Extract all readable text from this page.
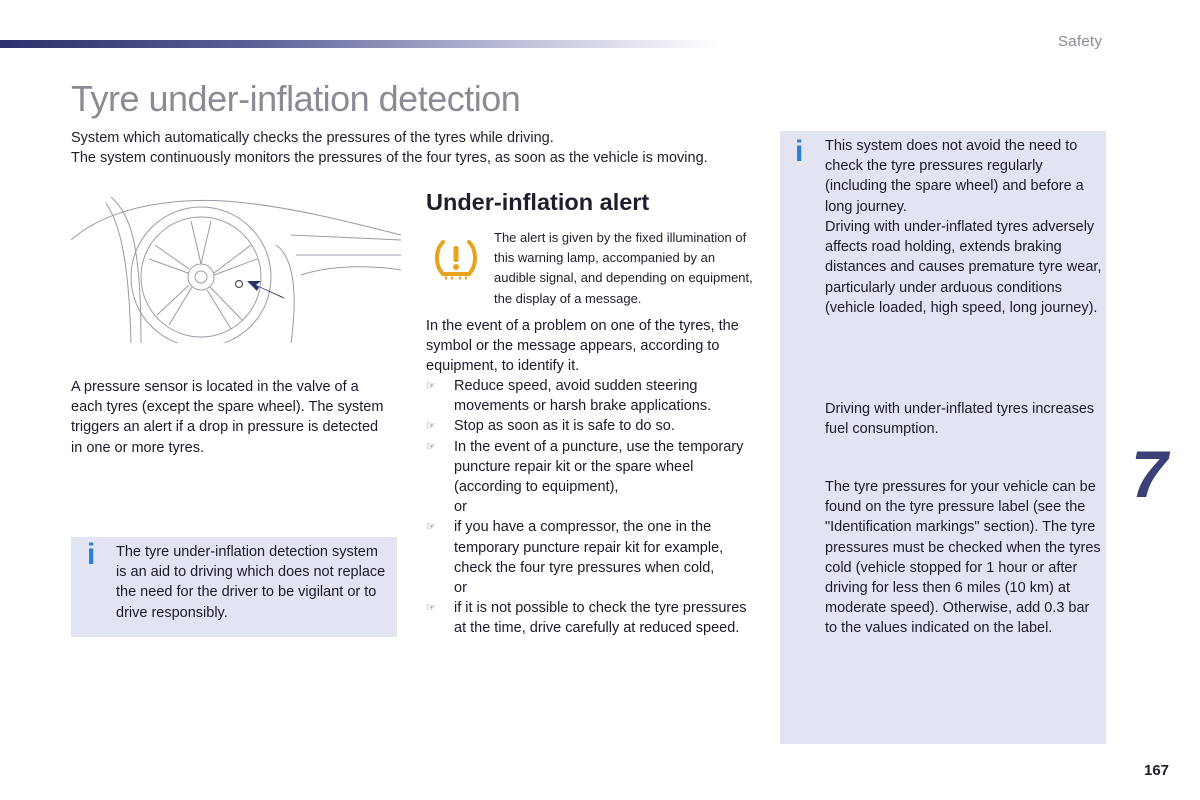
Safety
Tyre under-inflation detection
System which automatically checks the pressures of the tyres while driving.
The system continuously monitors the pressures of the four tyres, as soon as the vehicle is moving.
A pressure sensor is located in the valve of a each tyres (except the spare wheel). The system triggers an alert if a drop in pressure is detected in one or more tyres.
i The tyre under-inflation detection system is an aid to driving which does not replace the need for the driver to be vigilant or to drive responsibly.
Under-inflation alert
The alert is given by the fixed illumination of this warning lamp, accompanied by an audible signal, and depending on equipment, the display of a message.
In the event of a problem on one of the tyres, the symbol or the message appears, according to equipment, to identify it.
☞ Reduce speed, avoid sudden steering movements or harsh brake applications.
☞ Stop as soon as it is safe to do so.
☞ In the event of a puncture, use the temporary puncture repair kit or the spare wheel (according to equipment),
or
☞ if you have a compressor, the one in the temporary puncture repair kit for example, check the four tyre pressures when cold,
or
☞ if it is not possible to check the tyre pressures at the time, drive carefully at reduced speed.
i This system does not avoid the need to check the tyre pressures regularly (including the spare wheel) and before a long journey.
Driving with under-inflated tyres adversely affects road holding, extends braking distances and causes premature tyre wear, particularly under arduous conditions (vehicle loaded, high speed, long journey).
Driving with under-inflated tyres increases fuel consumption.
The tyre pressures for your vehicle can be found on the tyre pressure label (see the "Identification markings" section). The tyre pressures must be checked when the tyres cold (vehicle stopped for 1 hour or after driving for less then 6 miles (10 km) at moderate speed). Otherwise, add 0.3 bar to the values indicated on the label.
7
167
